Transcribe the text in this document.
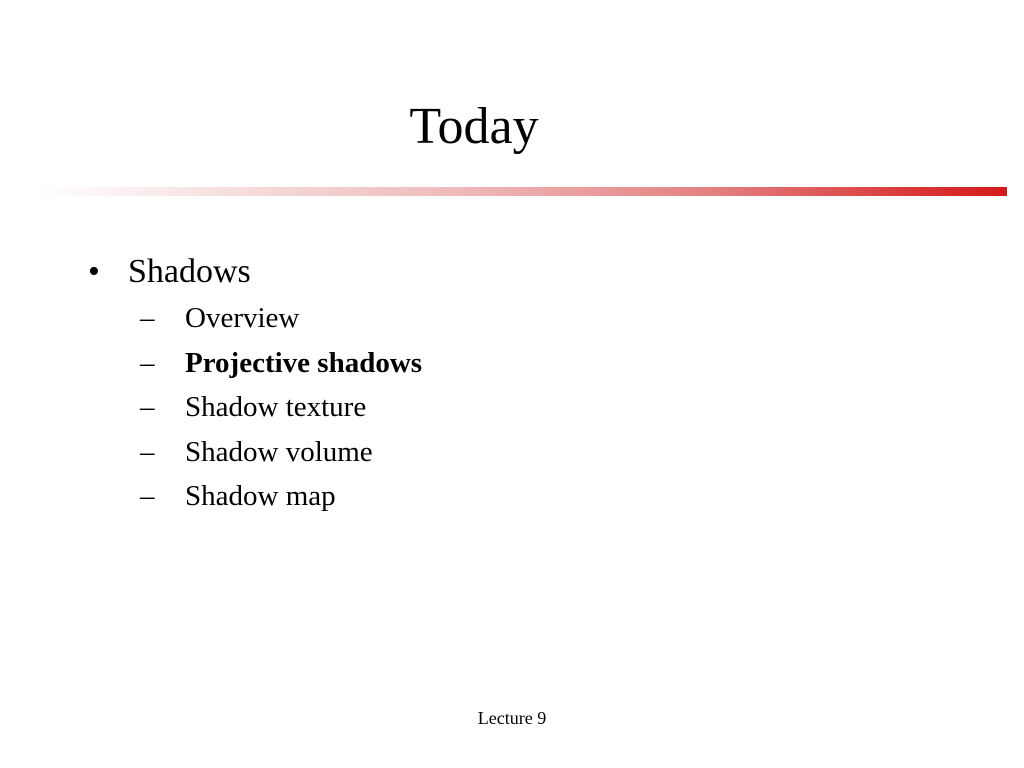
Today
• Shadows
–	Overview
–	Projective shadows
–	Shadow texture
–	Shadow volume
–	Shadow map
Lecture 9
